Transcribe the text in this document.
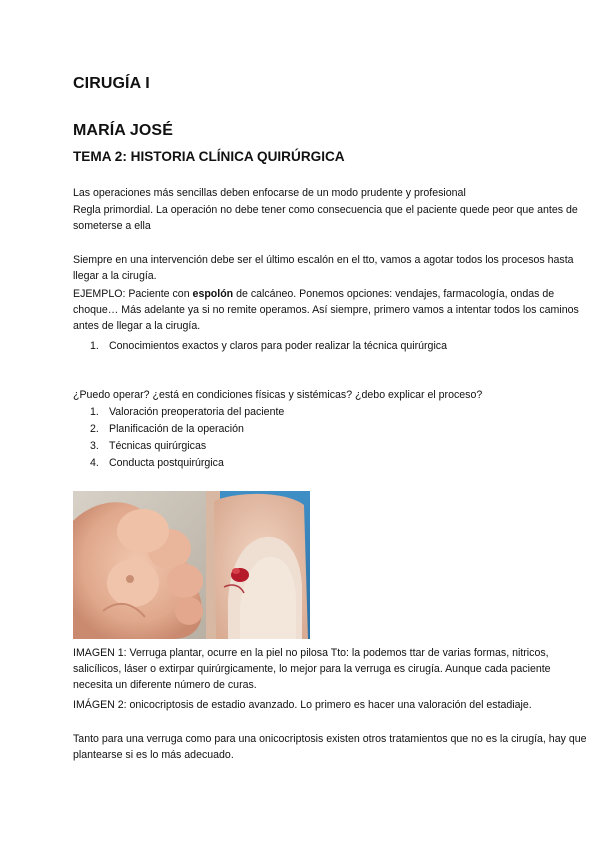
CIRUGÍA I
MARÍA JOSÉ
TEMA 2: HISTORIA CLÍNICA QUIRÚRGICA
Las operaciones más sencillas deben enfocarse de un modo prudente y profesional
Regla primordial. La operación no debe tener como consecuencia que el paciente quede peor que antes de someterse a ella
Siempre en una intervención debe ser el último escalón en el tto, vamos a agotar todos los procesos hasta llegar a la cirugía.
EJEMPLO: Paciente con espolón de calcáneo. Ponemos opciones: vendajes, farmacología, ondas de choque… Más adelante ya si no remite operamos. Así siempre, primero vamos a intentar todos los caminos antes de llegar a la cirugía.
1. Conocimientos exactos y claros para poder realizar la técnica quirúrgica
¿Puedo operar? ¿está en condiciones físicas y sistémicas? ¿debo explicar el proceso?
1. Valoración preoperatoria del paciente
2. Planificación de la operación
3. Técnicas quirúrgicas
4. Conducta postquirúrgica
IMAGEN 1: Verruga plantar, ocurre en la piel no pilosa Tto: la podemos ttar de varias formas, nitricos, salicílicos, láser o extirpar quirúrgicamente, lo mejor para la verruga es cirugía. Aunque cada paciente necesita un diferente número de curas.
IMÁGEN 2: onicocriptosis de estadio avanzado. Lo primero es hacer una valoración del estadiaje.
Tanto para una verruga como para una onicocriptosis existen otros tratamientos que no es la cirugía, hay que plantearse si es lo más adecuado.
